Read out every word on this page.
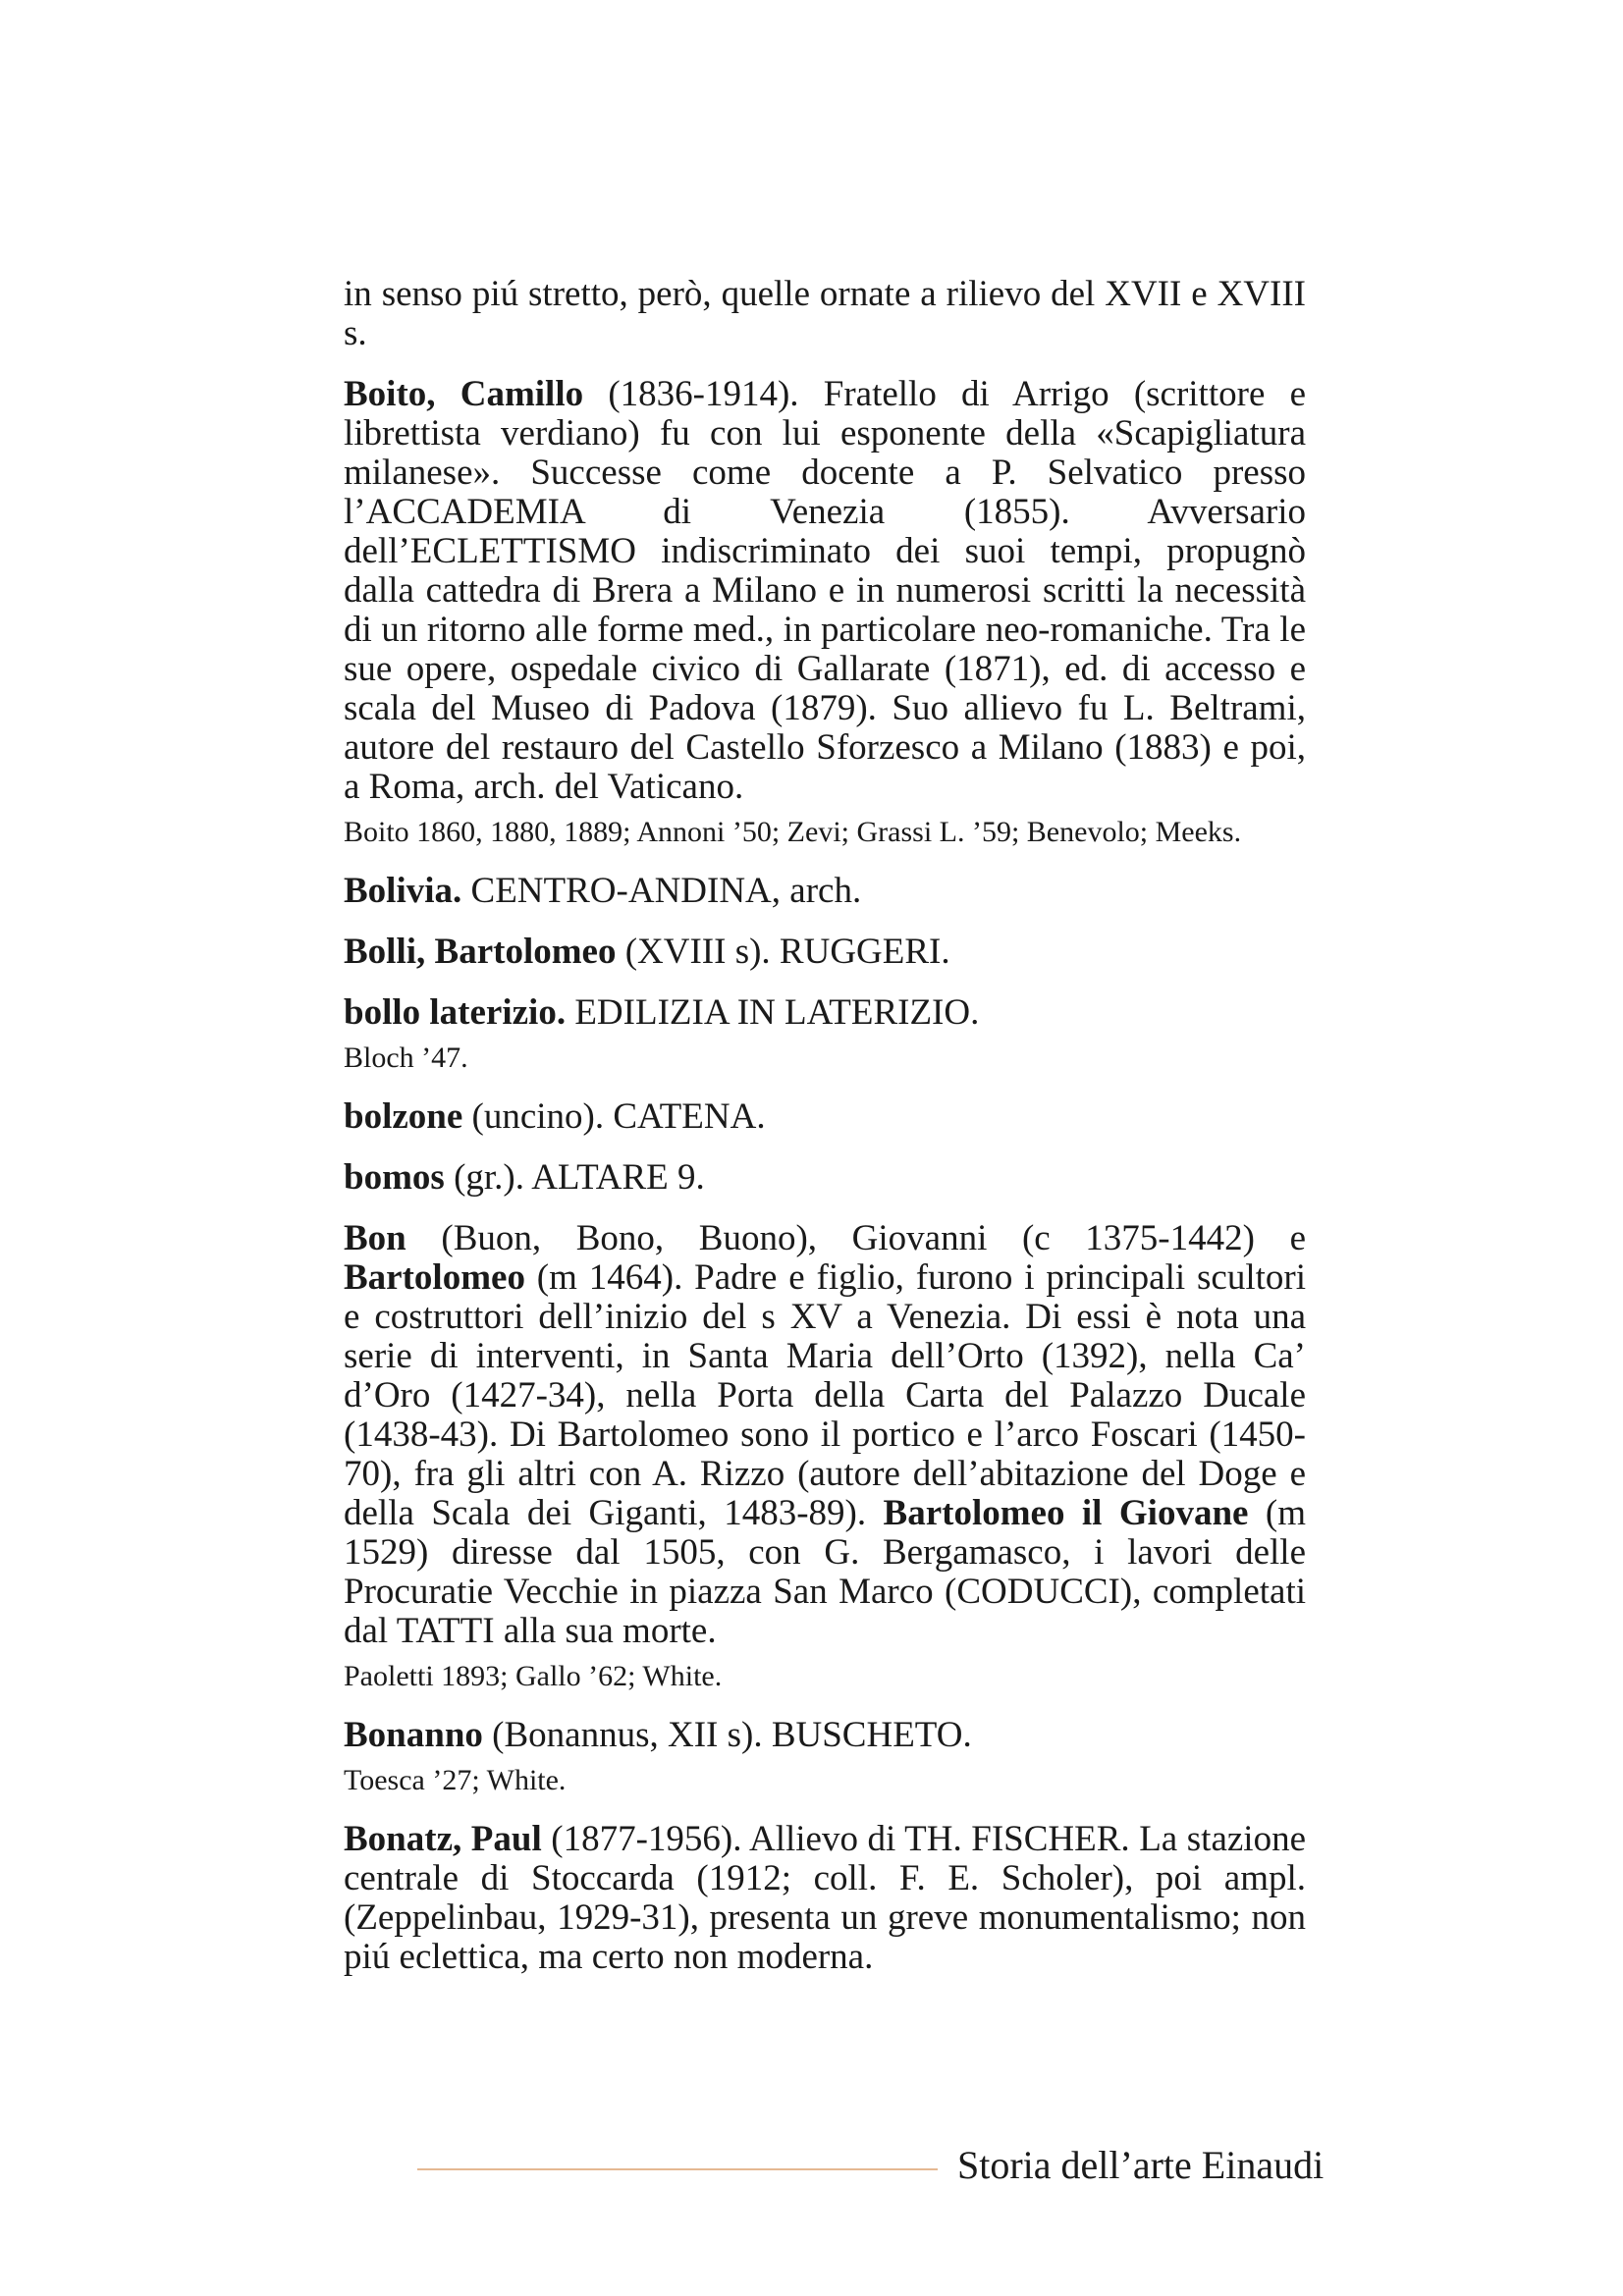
in senso piú stretto, però, quelle ornate a rilievo del XVII e XVIII s.

Boito, Camillo (1836-1914). Fratello di Arrigo (scrittore e librettista verdiano) fu con lui esponente della «Scapigliatura milanese». Successe come docente a P. Selvatico presso l’ACCADEMIA di Venezia (1855). Avversario dell’ECLETTISMO indiscriminato dei suoi tempi, propugnò dalla cattedra di Brera a Milano e in numerosi scritti la necessità di un ritorno alle forme med., in particolare neo-romaniche. Tra le sue opere, ospedale civico di Gallarate (1871), ed. di accesso e scala del Museo di Padova (1879). Suo allievo fu L. Beltrami, autore del restauro del Castello Sforzesco a Milano (1883) e poi, a Roma, arch. del Vaticano.

Boito 1860, 1880, 1889; Annoni ’50; Zevi; Grassi L. ’59; Benevolo; Meeks.

Bolivia. CENTRO-ANDINA, arch.

Bolli, Bartolomeo (XVIII s). RUGGERI.

bollo laterizio. EDILIZIA IN LATERIZIO.

Bloch ’47.

bolzone (uncino). CATENA.

bomos (gr.). ALTARE 9.

Bon (Buon, Bono, Buono), Giovanni (c 1375-1442) e Bartolomeo (m 1464). Padre e figlio, furono i principali scultori e costruttori dell’inizio del s XV a Venezia. Di essi è nota una serie di interventi, in Santa Maria dell’Orto (1392), nella Ca’ d’Oro (1427-34), nella Porta della Carta del Palazzo Ducale (1438-43). Di Bartolomeo sono il portico e l’arco Foscari (1450-70), fra gli altri con A. Rizzo (autore dell’abitazione del Doge e della Scala dei Giganti, 1483-89). Bartolomeo il Giovane (m 1529) diresse dal 1505, con G. Bergamasco, i lavori delle Procuratie Vecchie in piazza San Marco (CODUCCI), completati dal TATTI alla sua morte.

Paoletti 1893; Gallo ’62; White.

Bonanno (Bonannus, XII s). BUSCHETO.

Toesca ’27; White.

Bonatz, Paul (1877-1956). Allievo di TH. FISCHER. La stazione centrale di Stoccarda (1912; coll. F. E. Scholer), poi ampl. (Zeppelinbau, 1929-31), presenta un greve monumentalismo; non piú eclettica, ma certo non moderna.

Storia dell’arte Einaudi
